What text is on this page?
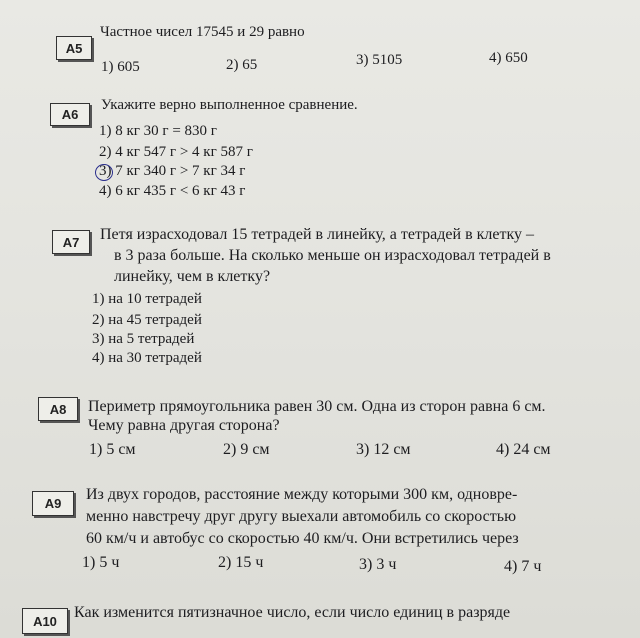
A5
Частное чисел 17545 и 29 равно
1) 605	2) 65	3) 5105	4) 650
A6
Укажите верно выполненное сравнение.
1) 8 кг 30 г = 830 г
2) 4 кг 547 г > 4 кг 587 г
3) 7 кг 340 г > 7 кг 34 г
4) 6 кг 435 г < 6 кг 43 г
A7	Петя израсходовал 15 тетрадей в линейку, а тетрадей в клетку –
в 3 раза больше. На сколько меньше он израсходовал тетрадей в
линейку, чем в клетку?
1) на 10 тетрадей
2) на 45 тетрадей
3) на 5 тетрадей
4) на 30 тетрадей
A8	Периметр прямоугольника равен 30 см. Одна из сторон равна 6 см.
Чему равна другая сторона?
1) 5 см	2) 9 см	3) 12 см	4) 24 см
A9
Из двух городов, расстояние между которыми 300 км, одновре-
менно навстречу друг другу выехали автомобиль со скоростью
60 км/ч и автобус со скоростью 40 км/ч. Они встретились через
1) 5 ч	2) 15 ч	3) 3 ч	4) 7 ч
A10	Как изменится пятизначное число, если число единиц в разряде
